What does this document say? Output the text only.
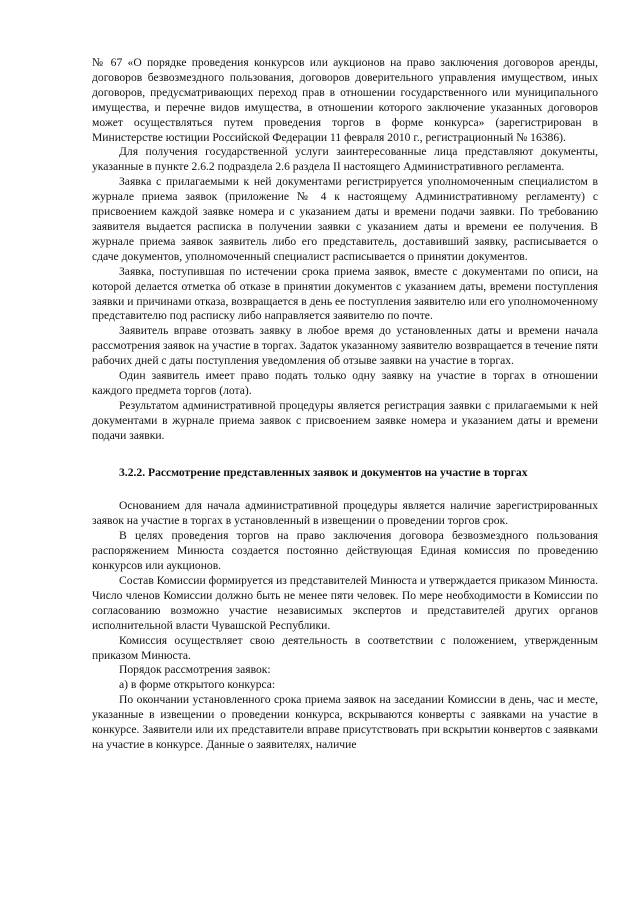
№ 67 «О порядке проведения конкурсов или аукционов на право заключения договоров аренды, договоров безвозмездного пользования, договоров доверительного управления имуществом, иных договоров, предусматривающих переход прав в отношении государственного или муниципального имущества, и перечне видов имущества, в отношении которого заключение указанных договоров может осуществляться путем проведения торгов в форме конкурса» (зарегистрирован в Министерстве юстиции Российской Федерации 11 февраля 2010 г., регистрационный № 16386).

Для получения государственной услуги заинтересованные лица представляют документы, указанные в пункте 2.6.2 подраздела 2.6 раздела II настоящего Административного регламента.

Заявка с прилагаемыми к ней документами регистрируется уполномоченным специалистом в журнале приема заявок (приложение № 4 к настоящему Административному регламенту) с присвоением каждой заявке номера и с указанием даты и времени подачи заявки. По требованию заявителя выдается расписка в получении заявки с указанием даты и времени ее получения. В журнале приема заявок заявитель либо его представитель, доставивший заявку, расписывается о сдаче документов, уполномоченный специалист расписывается о принятии документов.

Заявка, поступившая по истечении срока приема заявок, вместе с документами по описи, на которой делается отметка об отказе в принятии документов с указанием даты, времени поступления заявки и причинами отказа, возвращается в день ее поступления заявителю или его уполномоченному представителю под расписку либо направляется заявителю по почте.

Заявитель вправе отозвать заявку в любое время до установленных даты и времени начала рассмотрения заявок на участие в торгах. Задаток указанному заявителю возвращается в течение пяти рабочих дней с даты поступления уведомления об отзыве заявки на участие в торгах.

Один заявитель имеет право подать только одну заявку на участие в торгах в отношении каждого предмета торгов (лота).

Результатом административной процедуры является регистрация заявки с прилагаемыми к ней документами в журнале приема заявок с присвоением заявке номера и указанием даты и времени подачи заявки.

3.2.2. Рассмотрение представленных заявок и документов на участие в торгах

Основанием для начала административной процедуры является наличие зарегистрированных заявок на участие в торгах в установленный в извещении о проведении торгов срок.

В целях проведения торгов на право заключения договора безвозмездного пользования распоряжением Минюста создается постоянно действующая Единая комиссия по проведению конкурсов или аукционов.

Состав Комиссии формируется из представителей Минюста и утверждается приказом Минюста. Число членов Комиссии должно быть не менее пяти человек. По мере необходимости в Комиссии по согласованию возможно участие независимых экспертов и представителей других органов исполнительной власти Чувашской Республики.

Комиссия осуществляет свою деятельность в соответствии с положением, утвержденным приказом Минюста.

Порядок рассмотрения заявок:

а) в форме открытого конкурса:

По окончании установленного срока приема заявок на заседании Комиссии в день, час и месте, указанные в извещении о проведении конкурса, вскрываются конверты с заявками на участие в конкурсе. Заявители или их представители вправе присутствовать при вскрытии конвертов с заявками на участие в конкурсе. Данные о заявителях, наличие
